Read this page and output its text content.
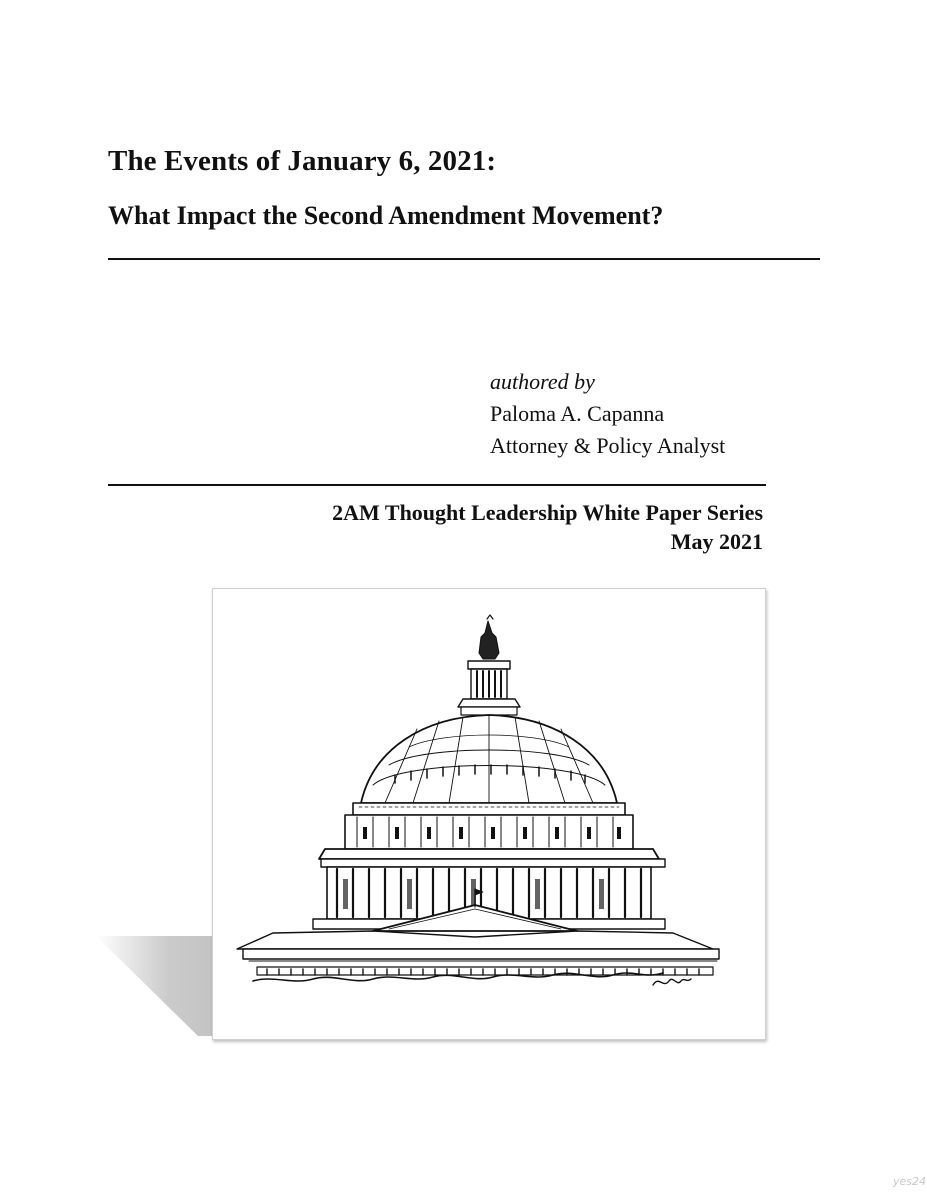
The Events of January 6, 2021:
What Impact the Second Amendment Movement?
authored by
Paloma A. Capanna
Attorney & Policy Analyst
2AM Thought Leadership White Paper Series
May 2021
yes24
